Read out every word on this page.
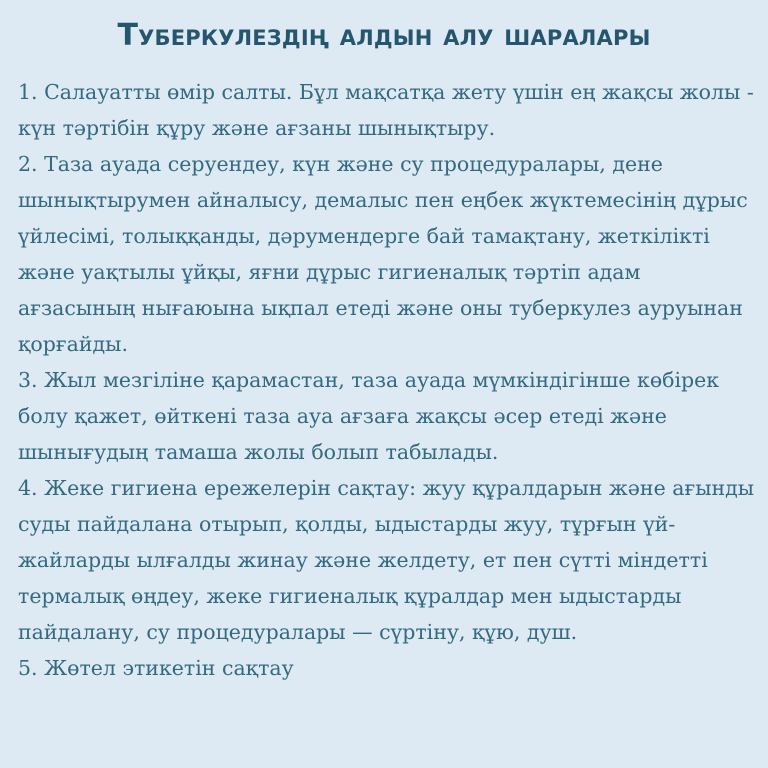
Туберкулездің алдын алу шаралары

1. Салауатты өмір салты. Бұл мақсатқа жету үшін ең жақсы жолы - күн тәртібін құру және ағзаны шынықтыру.

2. Таза ауада серуендеу, күн және су процедуралары, дене шынықтырумен айналысу, демалыс пен еңбек жүктемесінің дұрыс үйлесімі, толыққанды, дәрумендерге бай тамақтану, жеткілікті және уақтылы ұйқы, яғни дұрыс гигиеналық тәртіп адам ағзасының нығаюына ықпал етеді және оны туберкулез ауруынан қорғайды.

3. Жыл мезгіліне қарамастан, таза ауада мүмкіндігінше көбірек болу қажет, өйткені таза ауа ағзаға жақсы әсер етеді және шынығудың тамаша жолы болып табылады.

4. Жеке гигиена ережелерін сақтау: жуу құралдарын және ағынды суды пайдалана отырып, қолды, ыдыстарды жуу, тұрғын үй-жайларды ылғалды жинау және желдету, ет пен сүтті міндетті термалық өңдеу, жеке гигиеналық құралдар мен ыдыстарды пайдалану, су процедуралары — сүртіну, құю, душ.

5. Жөтел этикетін сақтау
